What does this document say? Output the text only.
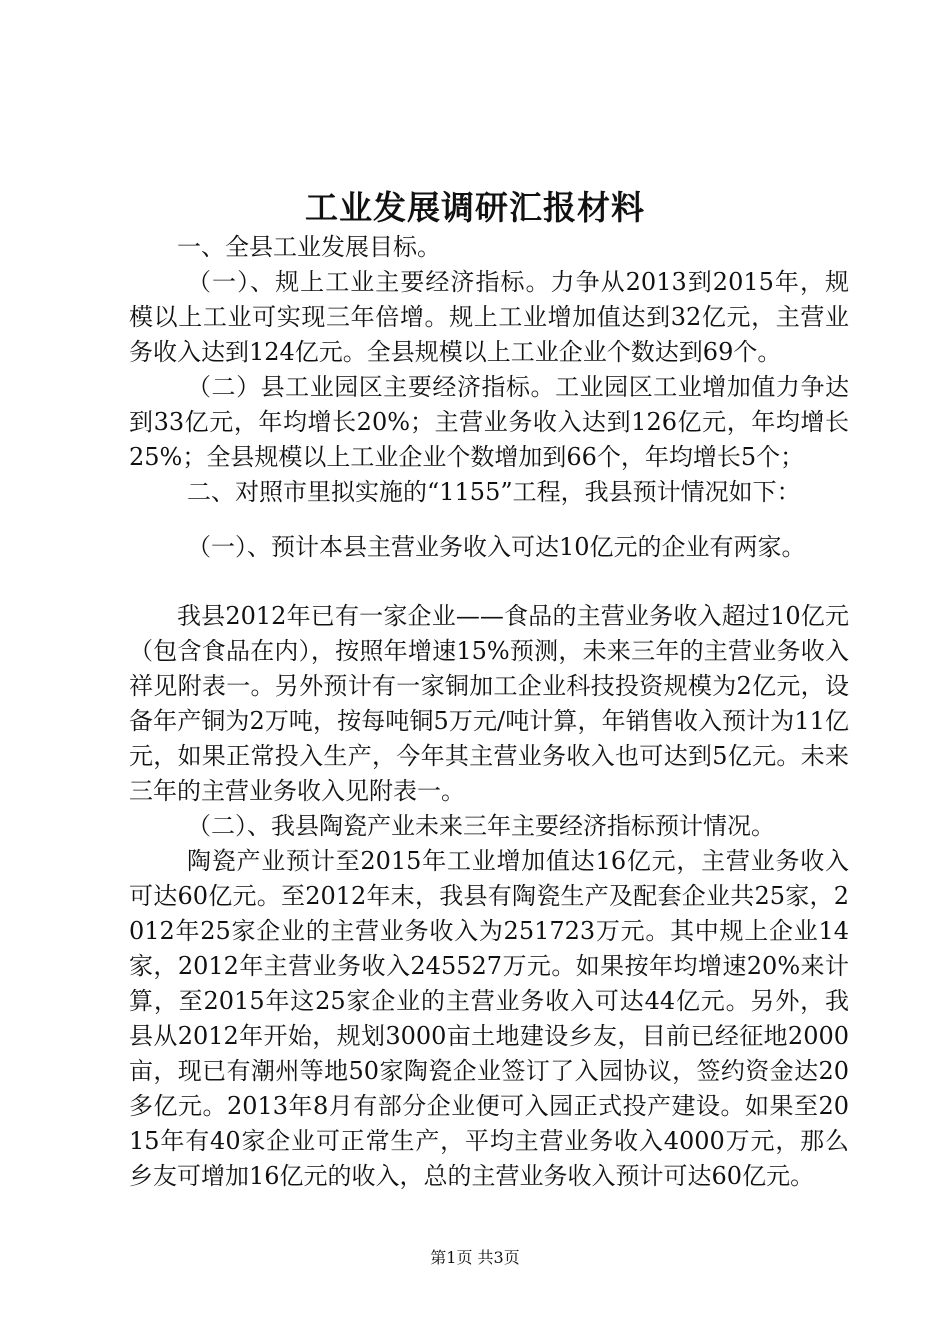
工业发展调研汇报材料

一、全县工业发展目标。

（一）、规上工业主要经济指标。力争从2013到2015年，规模以上工业可实现三年倍增。规上工业增加值达到32亿元，主营业务收入达到124亿元。全县规模以上工业企业个数达到69个。

（二）县工业园区主要经济指标。工业园区工业增加值力争达到33亿元，年均增长20%；主营业务收入达到126亿元，年均增长25%；全县规模以上工业企业个数增加到66个，年均增长5个；

二、对照市里拟实施的“1155”工程，我县预计情况如下：

（一）、预计本县主营业务收入可达10亿元的企业有两家。

我县2012年已有一家企业——食品的主营业务收入超过10亿元（包含食品在内），按照年增速15%预测，未来三年的主营业务收入祥见附表一。另外预计有一家铜加工企业科技投资规模为2亿元，设备年产铜为2万吨，按每吨铜5万元/吨计算，年销售收入预计为11亿元，如果正常投入生产，今年其主营业务收入也可达到5亿元。未来三年的主营业务收入见附表一。

（二）、我县陶瓷产业未来三年主要经济指标预计情况。

陶瓷产业预计至2015年工业增加值达16亿元，主营业务收入可达60亿元。至2012年末，我县有陶瓷生产及配套企业共25家，2012年25家企业的主营业务收入为251723万元。其中规上企业14家，2012年主营业务收入245527万元。如果按年均增速20%来计算，至2015年这25家企业的主营业务收入可达44亿元。另外，我县从2012年开始，规划3000亩土地建设乡友，目前已经征地2000亩，现已有潮州等地50家陶瓷企业签订了入园协议，签约资金达20多亿元。2013年8月有部分企业便可入园正式投产建设。如果至2015年有40家企业可正常生产，平均主营业务收入4000万元，那么乡友可增加16亿元的收入，总的主营业务收入预计可达60亿元。

第1页 共3页
